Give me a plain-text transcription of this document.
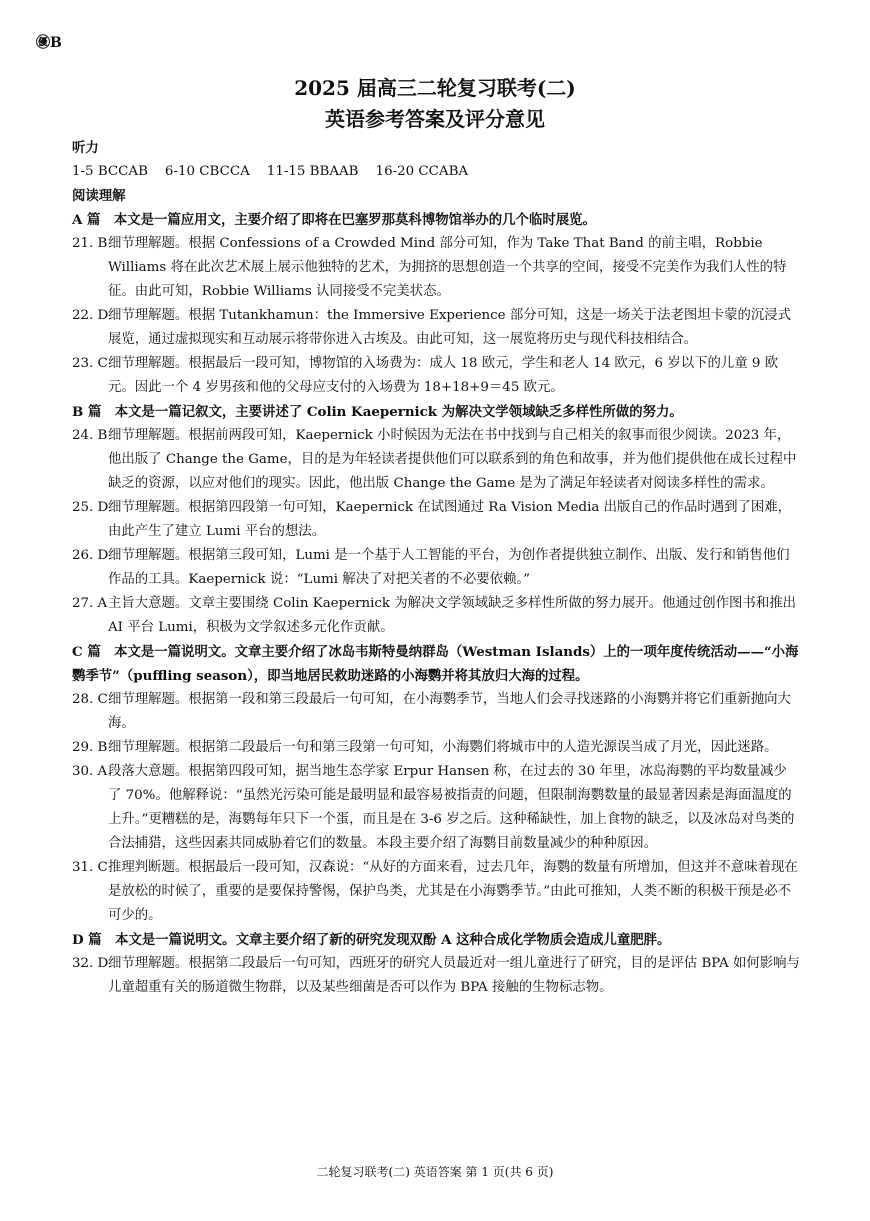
㊝B
2025 届高三二轮复习联考(二)
英语参考答案及评分意见

听力

1-5 BCCAB    6-10 CBCCA    11-15 BBAAB    16-20 CCABA

阅读理解

A 篇　本文是一篇应用文，主要介绍了即将在巴塞罗那莫科博物馆举办的几个临时展览。

21. B 细节理解题。根据 Confessions of a Crowded Mind 部分可知，作为 Take That Band 的前主唱，Robbie Williams 将在此次艺术展上展示他独特的艺术，为拥挤的思想创造一个共享的空间，接受不完美作为我们人性的特征。由此可知，Robbie Williams 认同接受不完美状态。
22. D 细节理解题。根据 Tutankhamun：the Immersive Experience 部分可知，这是一场关于法老图坦卡蒙的沉浸式展览，通过虚拟现实和互动展示将带你进入古埃及。由此可知，这一展览将历史与现代科技相结合。
23. C 细节理解题。根据最后一段可知，博物馆的入场费为：成人 18 欧元，学生和老人 14 欧元，6 岁以下的儿童 9 欧元。因此一个 4 岁男孩和他的父母应支付的入场费为 18+18+9＝45 欧元。

B 篇　本文是一篇记叙文，主要讲述了 Colin Kaepernick 为解决文学领域缺乏多样性所做的努力。

24. B 细节理解题。根据前两段可知，Kaepernick 小时候因为无法在书中找到与自己相关的叙事而很少阅读。2023 年，他出版了 Change the Game，目的是为年轻读者提供他们可以联系到的角色和故事，并为他们提供他在成长过程中缺乏的资源，以应对他们的现实。因此，他出版 Change the Game 是为了满足年轻读者对阅读多样性的需求。
25. D 细节理解题。根据第四段第一句可知，Kaepernick 在试图通过 Ra Vision Media 出版自己的作品时遇到了困难，由此产生了建立 Lumi 平台的想法。
26. D 细节理解题。根据第三段可知，Lumi 是一个基于人工智能的平台，为创作者提供独立制作、出版、发行和销售他们作品的工具。Kaepernick 说：“Lumi 解决了对把关者的不必要依赖。”
27. A 主旨大意题。文章主要围绕 Colin Kaepernick 为解决文学领域缺乏多样性所做的努力展开。他通过创作图书和推出 AI 平台 Lumi，积极为文学叙述多元化作贡献。

C 篇　本文是一篇说明文。文章主要介绍了冰岛韦斯特曼纳群岛（Westman Islands）上的一项年度传统活动——“小海鹦季节”（puffling season），即当地居民救助迷路的小海鹦并将其放归大海的过程。

28. C 细节理解题。根据第一段和第三段最后一句可知，在小海鹦季节，当地人们会寻找迷路的小海鹦并将它们重新抛向大海。
29. B 细节理解题。根据第二段最后一句和第三段第一句可知，小海鹦们将城市中的人造光源误当成了月光，因此迷路。
30. A 段落大意题。根据第四段可知，据当地生态学家 Erpur Hansen 称，在过去的 30 年里，冰岛海鹦的平均数量减少了 70%。他解释说：“虽然光污染可能是最明显和最容易被指责的问题，但限制海鹦数量的最显著因素是海面温度的上升。”更糟糕的是，海鹦每年只下一个蛋，而且是在 3-6 岁之后。这种稀缺性，加上食物的缺乏，以及冰岛对鸟类的合法捕猎，这些因素共同威胁着它们的数量。本段主要介绍了海鹦目前数量减少的种种原因。
31. C 推理判断题。根据最后一段可知，汉森说：“从好的方面来看，过去几年，海鹦的数量有所增加，但这并不意味着现在是放松的时候了，重要的是要保持警惕，保护鸟类，尤其是在小海鹦季节。”由此可推知，人类不断的积极干预是必不可少的。

D 篇　本文是一篇说明文。文章主要介绍了新的研究发现双酚 A 这种合成化学物质会造成儿童肥胖。

32. D 细节理解题。根据第二段最后一句可知，西班牙的研究人员最近对一组儿童进行了研究，目的是评估 BPA 如何影响与儿童超重有关的肠道微生物群，以及某些细菌是否可以作为 BPA 接触的生物标志物。
二轮复习联考(二) 英语答案 第 1 页(共 6 页)
